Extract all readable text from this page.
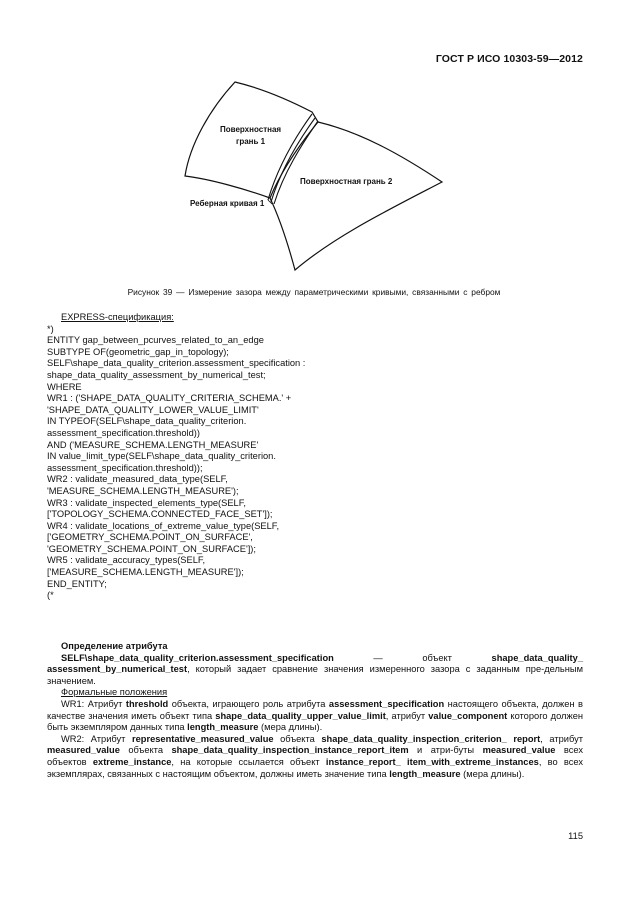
ГОСТ Р ИСО 10303-59—2012
Поверхностная
грань 1
Поверхностная грань 2
Реберная кривая 1
Рисунок 39 — Измерение зазора между параметрическими кривыми, связанными с ребром
EXPRESS-спецификация:
*)
ENTITY gap_between_pcurves_related_to_an_edge
SUBTYPE OF(geometric_gap_in_topology);
SELF\shape_data_quality_criterion.assessment_specification :
shape_data_quality_assessment_by_numerical_test;
WHERE
WR1 : ('SHAPE_DATA_QUALITY_CRITERIA_SCHEMA.' +
'SHAPE_DATA_QUALITY_LOWER_VALUE_LIMIT'
IN TYPEOF(SELF\shape_data_quality_criterion.
assessment_specification.threshold))
AND ('MEASURE_SCHEMA.LENGTH_MEASURE'
IN value_limit_type(SELF\shape_data_quality_criterion.
assessment_specification.threshold));
WR2 : validate_measured_data_type(SELF,
'MEASURE_SCHEMA.LENGTH_MEASURE');
WR3 : validate_inspected_elements_type(SELF,
['TOPOLOGY_SCHEMA.CONNECTED_FACE_SET']);
WR4 : validate_locations_of_extreme_value_type(SELF,
['GEOMETRY_SCHEMA.POINT_ON_SURFACE',
'GEOMETRY_SCHEMA.POINT_ON_SURFACE']);
WR5 : validate_accuracy_types(SELF,
['MEASURE_SCHEMA.LENGTH_MEASURE']);
END_ENTITY;
(*

Определение атрибута

SELF\shape_data_quality_criterion.assessment_specification — объект shape_data_quality_ assessment_by_numerical_test, который задает сравнение значения измеренного зазора с заданным пре-дельным значением.

Формальные положения

WR1: Атрибут threshold объекта, играющего роль атрибута assessment_specification настоящего объекта, должен в качестве значения иметь объект типа shape_data_quality_upper_value_limit, атрибут value_component которого должен быть экземпляром данных типа length_measure (мера длины).

WR2: Атрибут representative_measured_value объекта shape_data_quality_inspection_criterion_ report, атрибут measured_value объекта shape_data_quality_inspection_instance_report_item и атри-буты measured_value всех объектов extreme_instance, на которые ссылается объект instance_report_ item_with_extreme_instances, во всех экземплярах, связанных с настоящим объектом, должны иметь значение типа length_measure (мера длины).

115
